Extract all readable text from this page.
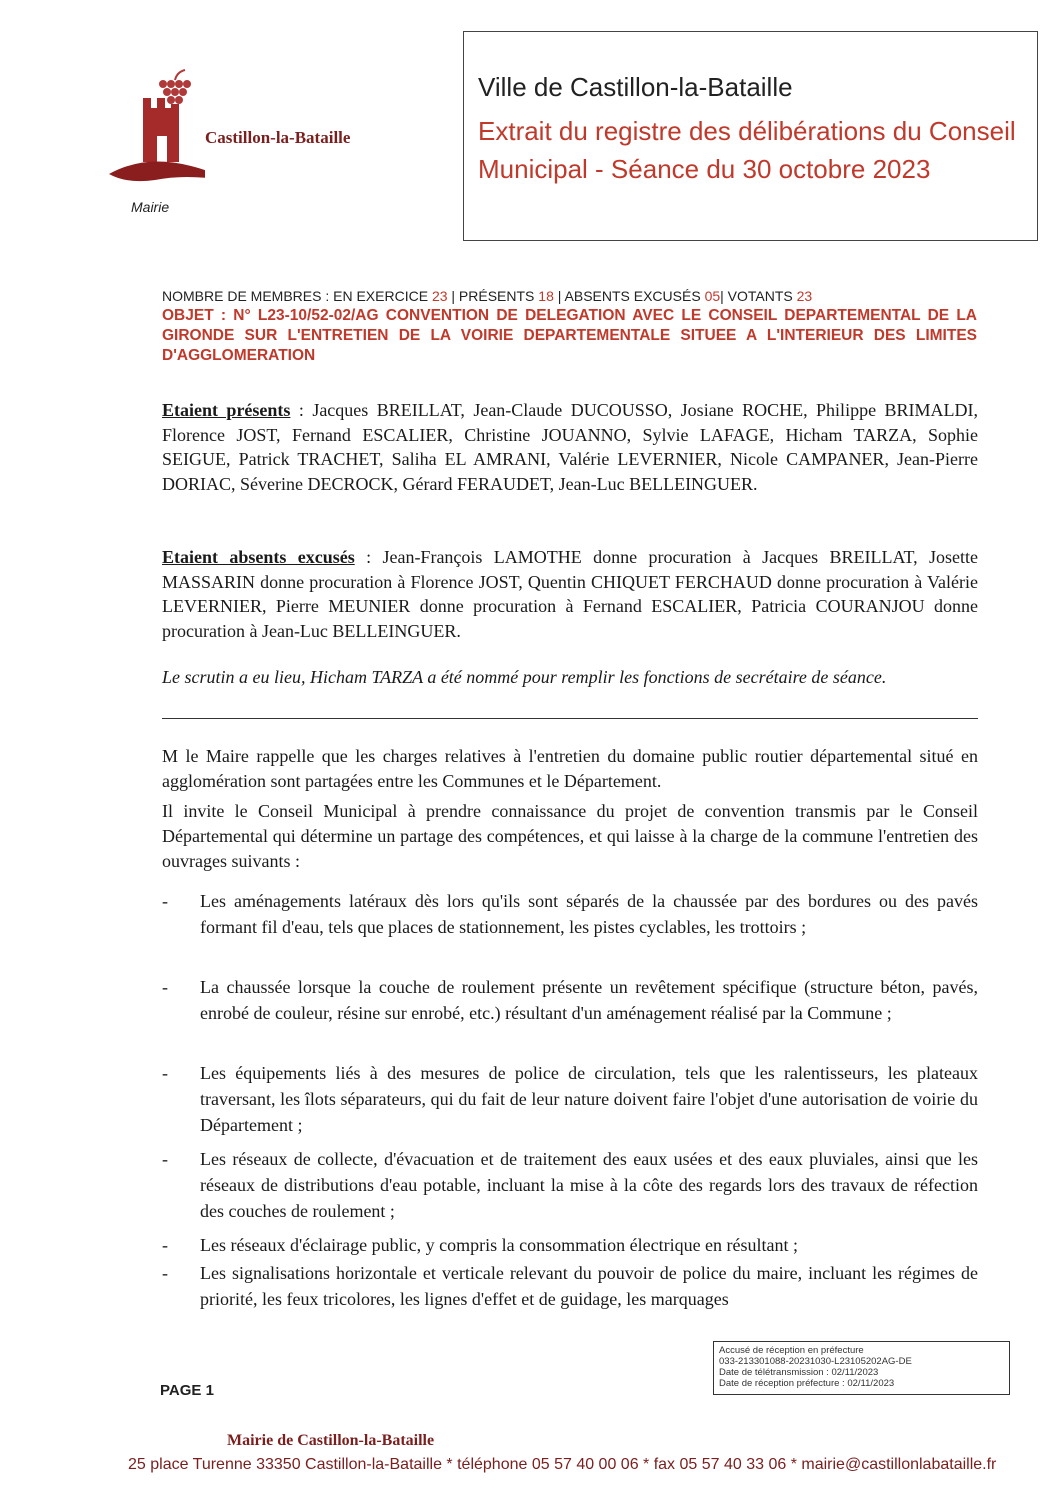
Castillon-la-Bataille
Mairie
Ville de Castillon-la-Bataille
Extrait du registre des délibérations du Conseil Municipal - Séance du 30 octobre 2023
NOMBRE DE MEMBRES : EN EXERCICE 23 | PRÉSENTS 18 | ABSENTS EXCUSÉS 05| VOTANTS 23
OBJET : N° L23-10/52-02/AG CONVENTION DE DELEGATION AVEC LE CONSEIL DEPARTEMENTAL DE LA GIRONDE SUR L'ENTRETIEN DE LA VOIRIE DEPARTEMENTALE SITUEE A L'INTERIEUR DES LIMITES D'AGGLOMERATION
Etaient présents : Jacques BREILLAT, Jean-Claude DUCOUSSO, Josiane ROCHE, Philippe BRIMALDI, Florence JOST, Fernand ESCALIER, Christine JOUANNO, Sylvie LAFAGE, Hicham TARZA, Sophie SEIGUE, Patrick TRACHET, Saliha EL AMRANI, Valérie LEVERNIER, Nicole CAMPANER, Jean-Pierre DORIAC, Séverine DECROCK, Gérard FERAUDET, Jean-Luc BELLEINGUER.
Etaient absents excusés : Jean-François LAMOTHE donne procuration à Jacques BREILLAT, Josette MASSARIN donne procuration à Florence JOST, Quentin CHIQUET FERCHAUD donne procuration à Valérie LEVERNIER, Pierre MEUNIER donne procuration à Fernand ESCALIER, Patricia COURANJOU donne procuration à Jean-Luc BELLEINGUER.
Le scrutin a eu lieu, Hicham TARZA a été nommé pour remplir les fonctions de secrétaire de séance.
M le Maire rappelle que les charges relatives à l'entretien du domaine public routier départemental situé en agglomération sont partagées entre les Communes et le Département.
Il invite le Conseil Municipal à prendre connaissance du projet de convention transmis par le Conseil Départemental qui détermine un partage des compétences, et qui laisse à la charge de la commune l'entretien des ouvrages suivants :
- Les aménagements latéraux dès lors qu'ils sont séparés de la chaussée par des bordures ou des pavés formant fil d'eau, tels que places de stationnement, les pistes cyclables, les trottoirs ;
- La chaussée lorsque la couche de roulement présente un revêtement spécifique (structure béton, pavés, enrobé de couleur, résine sur enrobé, etc.) résultant d'un aménagement réalisé par la Commune ;
- Les équipements liés à des mesures de police de circulation, tels que les ralentisseurs, les plateaux traversant, les îlots séparateurs, qui du fait de leur nature doivent faire l'objet d'une autorisation de voirie du Département ;
- Les réseaux de collecte, d'évacuation et de traitement des eaux usées et des eaux pluviales, ainsi que les réseaux de distributions d'eau potable, incluant la mise à la côte des regards lors des travaux de réfection des couches de roulement ;
- Les réseaux d'éclairage public, y compris la consommation électrique en résultant ;
- Les signalisations horizontale et verticale relevant du pouvoir de police du maire, incluant les régimes de priorité, les feux tricolores, les lignes d'effet et de guidage, les marquages
Accusé de réception en préfecture
033-213301088-20231030-L23105202AG-DE
Date de télétransmission : 02/11/2023
Date de réception préfecture : 02/11/2023
PAGE 1
Mairie de Castillon-la-Bataille
25 place Turenne 33350 Castillon-la-Bataille * téléphone 05 57 40 00 06 * fax 05 57 40 33 06 * mairie@castillonlabataille.fr
